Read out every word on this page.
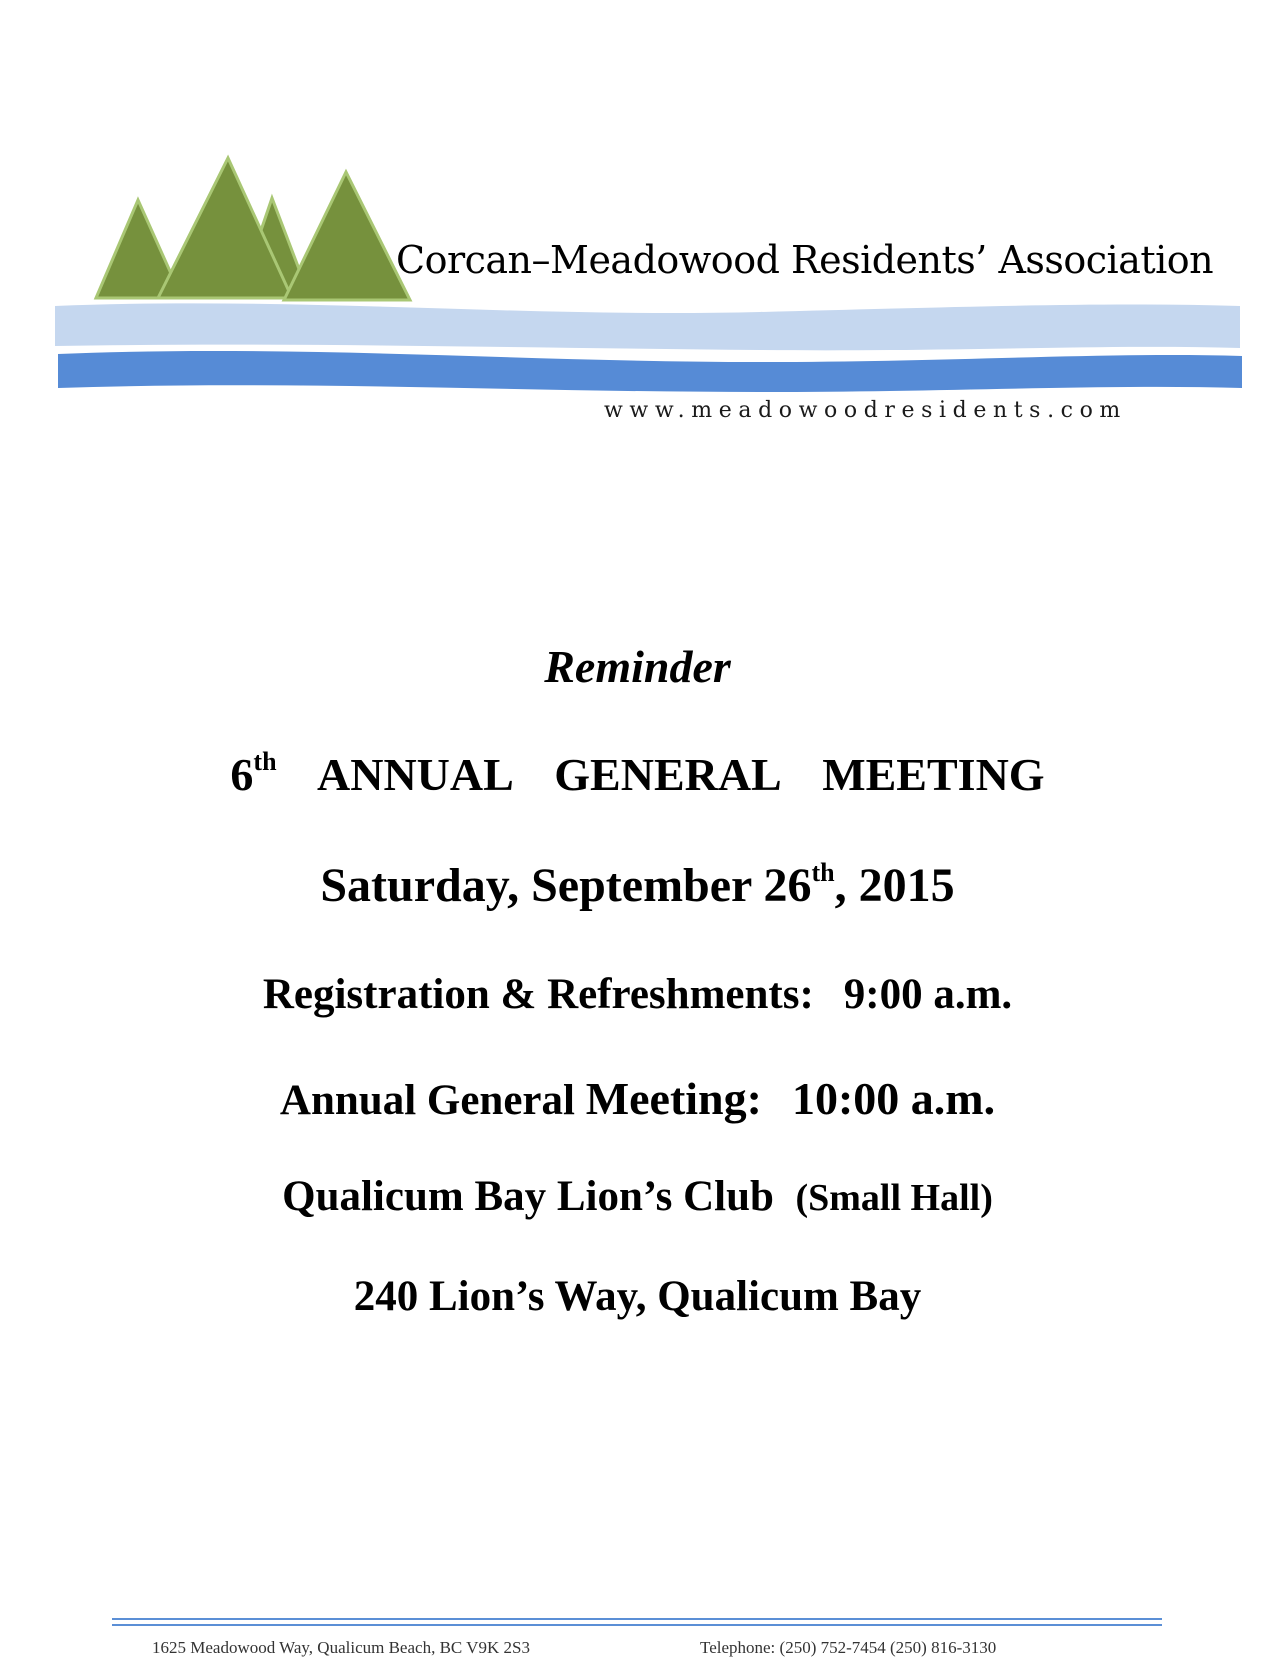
Corcan–Meadowood Residents’ Association
www.meadowoodresidents.com
Reminder
6th ANNUAL  GENERAL  MEETING
Saturday, September 26th, 2015
Registration & Refreshments: 9:00 a.m.
Annual General Meeting: 10:00 a.m.
Qualicum Bay Lion’s Club (Small Hall)
240 Lion’s Way, Qualicum Bay
1625 Meadowood Way, Qualicum Beach, BC V9K 2S3	Telephone: (250) 752-7454 (250) 816-3130
